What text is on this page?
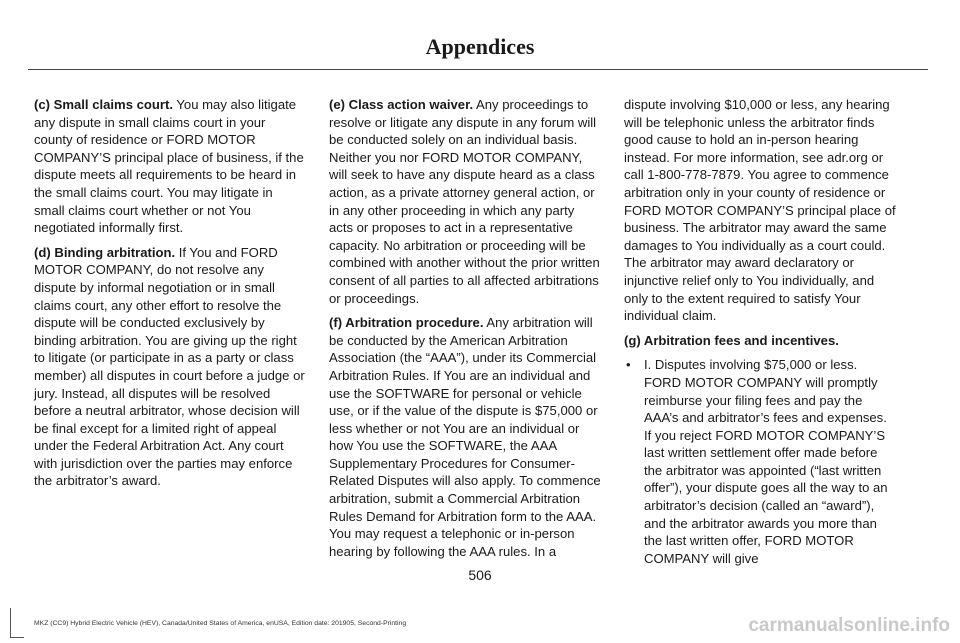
Appendices

(c) Small claims court. You may also litigate any dispute in small claims court in your county of residence or FORD MOTOR COMPANY’S principal place of business, if the dispute meets all requirements to be heard in the small claims court. You may litigate in small claims court whether or not You negotiated informally first.

(d) Binding arbitration. If You and FORD MOTOR COMPANY, do not resolve any dispute by informal negotiation or in small claims court, any other effort to resolve the dispute will be conducted exclusively by binding arbitration. You are giving up the right to litigate (or participate in as a party or class member) all disputes in court before a judge or jury. Instead, all disputes will be resolved before a neutral arbitrator, whose decision will be final except for a limited right of appeal under the Federal Arbitration Act. Any court with jurisdiction over the parties may enforce the arbitrator’s award.

(e) Class action waiver. Any proceedings to resolve or litigate any dispute in any forum will be conducted solely on an individual basis. Neither you nor FORD MOTOR COMPANY, will seek to have any dispute heard as a class action, as a private attorney general action, or in any other proceeding in which any party acts or proposes to act in a representative capacity. No arbitration or proceeding will be combined with another without the prior written consent of all parties to all affected arbitrations or proceedings.

(f) Arbitration procedure. Any arbitration will be conducted by the American Arbitration Association (the “AAA”), under its Commercial Arbitration Rules. If You are an individual and use the SOFTWARE for personal or vehicle use, or if the value of the dispute is $75,000 or less whether or not You are an individual or how You use the SOFTWARE, the AAA Supplementary Procedures for Consumer-Related Disputes will also apply. To commence arbitration, submit a Commercial Arbitration Rules Demand for Arbitration form to the AAA. You may request a telephonic or in-person hearing by following the AAA rules. In a

dispute involving $10,000 or less, any hearing will be telephonic unless the arbitrator finds good cause to hold an in-person hearing instead. For more information, see adr.org or call 1-800-778-7879. You agree to commence arbitration only in your county of residence or FORD MOTOR COMPANY’S principal place of business. The arbitrator may award the same damages to You individually as a court could. The arbitrator may award declaratory or injunctive relief only to You individually, and only to the extent required to satisfy Your individual claim.

(g) Arbitration fees and incentives.

• I. Disputes involving $75,000 or less. FORD MOTOR COMPANY will promptly reimburse your filing fees and pay the AAA’s and arbitrator’s fees and expenses. If you reject FORD MOTOR COMPANY’S last written settlement offer made before the arbitrator was appointed (“last written offer”), your dispute goes all the way to an arbitrator’s decision (called an “award”), and the arbitrator awards you more than the last written offer, FORD MOTOR COMPANY will give
506
MKZ (CC9) Hybrid Electric Vehicle (HEV), Canada/United States of America, enUSA, Edition date: 201905, Second-Printing	carmanualsonline.info
